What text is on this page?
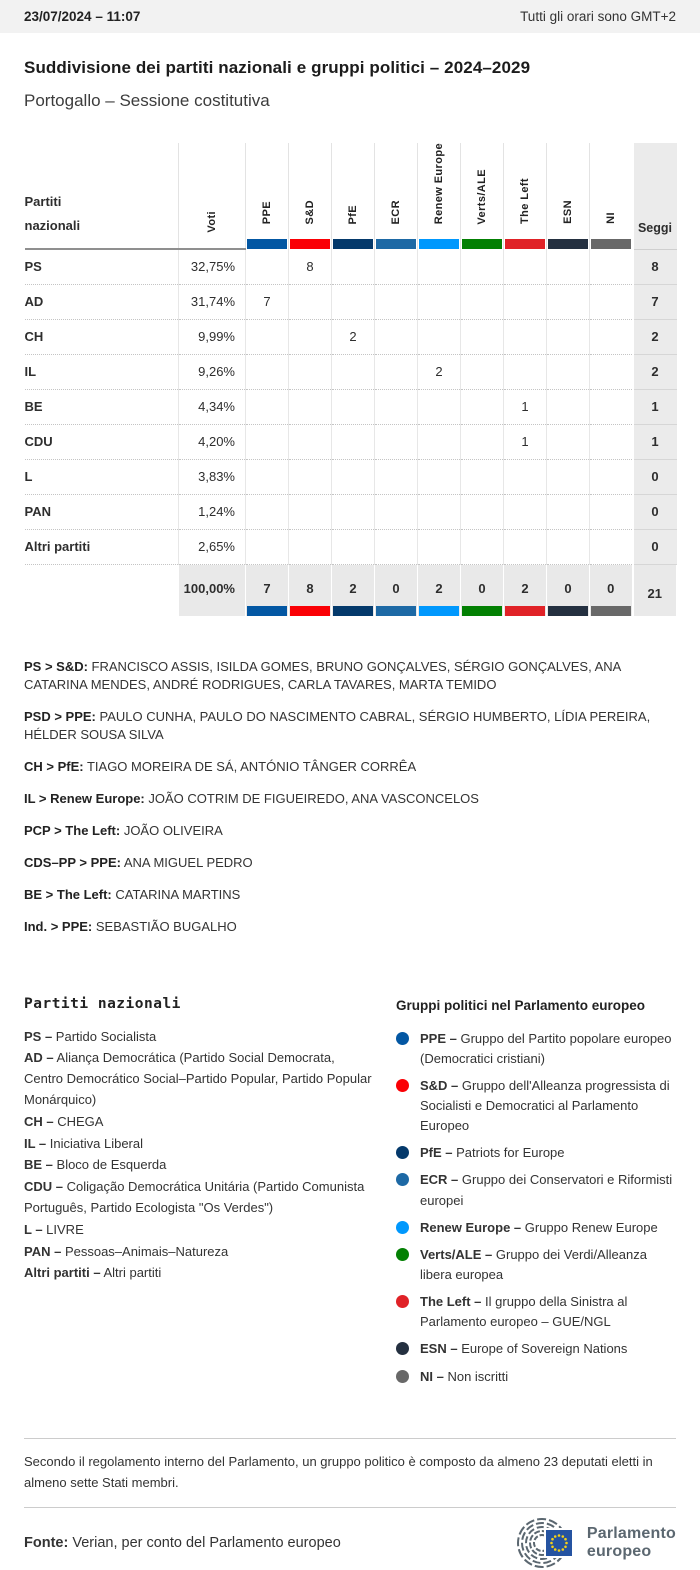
23/07/2024 – 11:07	Tutti gli orari sono GMT+2
Suddivisione dei partiti nazionali e gruppi politici – 2024–2029

Portogallo – Sessione costitutiva

Partiti nazionali	Voti	PPE	S&D	PfE	ECR	Renew Europe	Verts/ALE	The Left	ESN	NI	Seggi
PS	32,75%		8								8
AD	31,74%	7									7
CH	9,99%			2							2
IL	9,26%					2					2
BE	4,34%							1			1
CDU	4,20%							1			1
L	3,83%										0
PAN	1,24%										0
Altri partiti	2,65%										0
	100,00%	7	8	2	0	2	0	2	0	0	21

PS > S&D: FRANCISCO ASSIS, ISILDA GOMES, BRUNO GONÇALVES, SÉRGIO GONÇALVES, ANA CATARINA MENDES, ANDRÉ RODRIGUES, CARLA TAVARES, MARTA TEMIDO

PSD > PPE: PAULO CUNHA, PAULO DO NASCIMENTO CABRAL, SÉRGIO HUMBERTO, LÍDIA PEREIRA, HÉLDER SOUSA SILVA

CH > PfE: TIAGO MOREIRA DE SÁ, ANTÓNIO TÂNGER CORRÊA

IL > Renew Europe: JOÃO COTRIM DE FIGUEIREDO, ANA VASCONCELOS

PCP > The Left: JOÃO OLIVEIRA

CDS–PP > PPE: ANA MIGUEL PEDRO

BE > The Left: CATARINA MARTINS

Ind. > PPE: SEBASTIÃO BUGALHO

Partiti nazionali

PS – Partido Socialista

AD – Aliança Democrática (Partido Social Democrata, Centro Democrático Social–Partido Popular, Partido Popular Monárquico)

CH – CHEGA

IL – Iniciativa Liberal

BE – Bloco de Esquerda

CDU – Coligação Democrática Unitária (Partido Comunista Português, Partido Ecologista "Os Verdes")

L – LIVRE

PAN – Pessoas–Animais–Natureza

Altri partiti – Altri partiti

Gruppi politici nel Parlamento europeo

PPE – Gruppo del Partito popolare europeo (Democratici cristiani)

S&D – Gruppo dell'Alleanza progressista di Socialisti e Democratici al Parlamento Europeo

PfE – Patriots for Europe

ECR – Gruppo dei Conservatori e Riformisti europei

Renew Europe – Gruppo Renew Europe

Verts/ALE – Gruppo dei Verdi/Alleanza libera europea

The Left – Il gruppo della Sinistra al Parlamento europeo – GUE/NGL

ESN – Europe of Sovereign Nations

NI – Non iscritti

Secondo il regolamento interno del Parlamento, un gruppo politico è composto da almeno 23 deputati eletti in almeno sette Stati membri.

Fonte: Verian, per conto del Parlamento europeo

Parlamento
europeo
